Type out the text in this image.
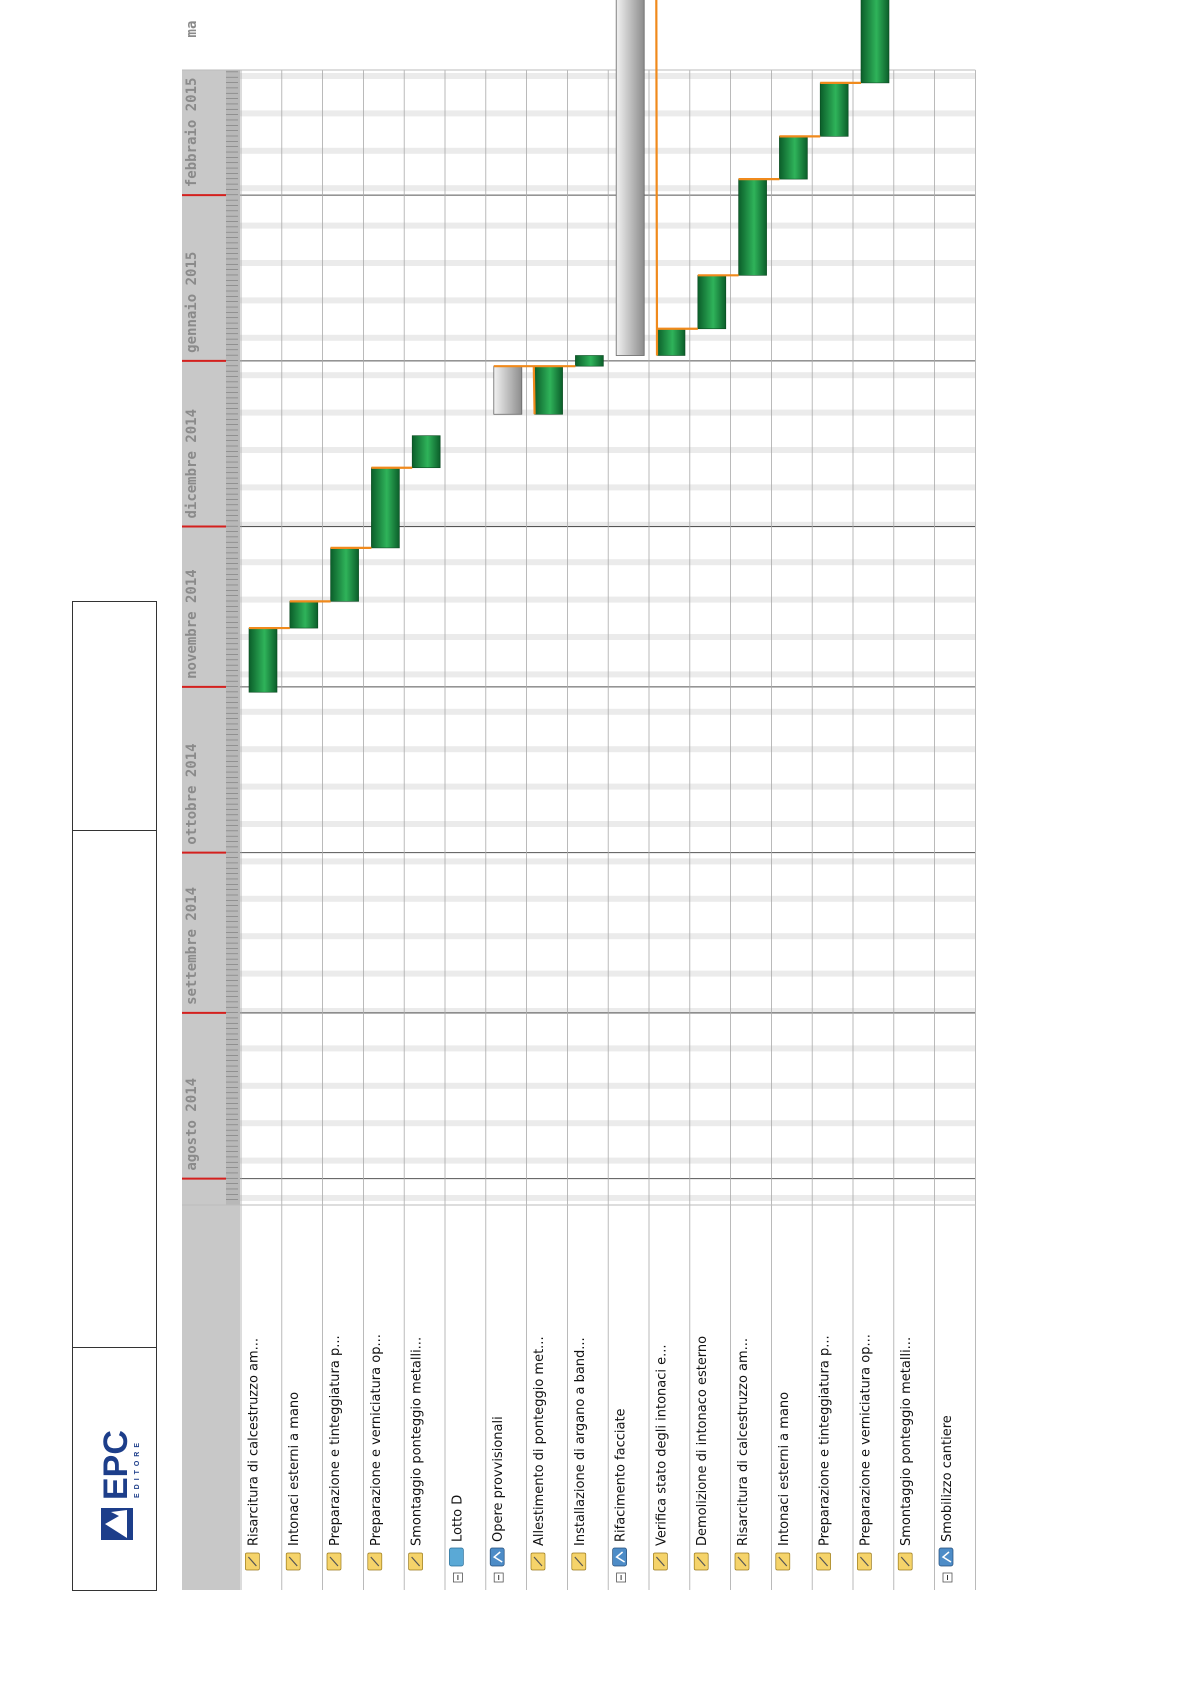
EPC EDITORE
agosto 2014
settembre 2014
ottobre 2014
novembre 2014
dicembre 2014
gennaio 2015
febbraio 2015
ma
Risarcitura di calcestruzzo am... Intonaci esterni a mano Preparazione e tinteggiatura p... Preparazione e verniciatura op... Smontaggio ponteggio metalli... Lotto D Opere provvisionali Allestimento di ponteggio met... Installazione di argano a band... Rifacimento facciate Verifica stato degli intonaci e... Demolizione di intonaco esterno Risarcitura di calcestruzzo am... Intonaci esterni a mano Preparazione e tinteggiatura p... Preparazione e verniciatura op... Smontaggio ponteggio metalli... Smobilizzo cantiere
